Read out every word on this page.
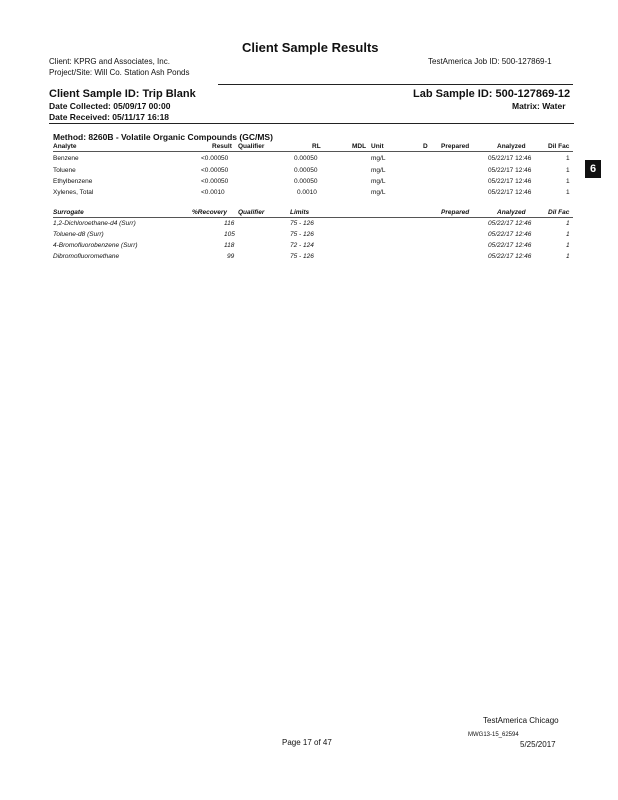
Client Sample Results
Client: KPRG and Associates, Inc.
Project/Site: Will Co. Station Ash Ponds
TestAmerica Job ID: 500-127869-1
Client Sample ID: Trip Blank	Lab Sample ID: 500-127869-12
Date Collected: 05/09/17 00:00	Matrix: Water
Date Received: 05/11/17 16:18
Method: 8260B - Volatile Organic Compounds (GC/MS)
Analyte	Result Qualifier	RL	MDL Unit	D Prepared	Analyzed	Dil Fac
Benzene	<0.00050	0.00050	mg/L	05/22/17 12:46	1
Toluene	<0.00050	0.00050	mg/L	05/22/17 12:46	1
Ethylbenzene	<0.00050	0.00050	mg/L	05/22/17 12:46	1
Xylenes, Total	<0.0010	0.0010	mg/L	05/22/17 12:46	1
6
Surrogate	%Recovery Qualifier	Limits	Prepared	Analyzed	Dil Fac
1,2-Dichloroethane-d4 (Surr)	116	75 - 126	05/22/17 12:46	1
Toluene-d8 (Surr)	105	75 - 126	05/22/17 12:46	1
4-Bromofluorobenzene (Surr)	118	72 - 124	05/22/17 12:46	1
Dibromofluoromethane	99	75 - 126	05/22/17 12:46	1
TestAmerica Chicago
Page 17 of 47
MWG13-15_62594
5/25/2017
